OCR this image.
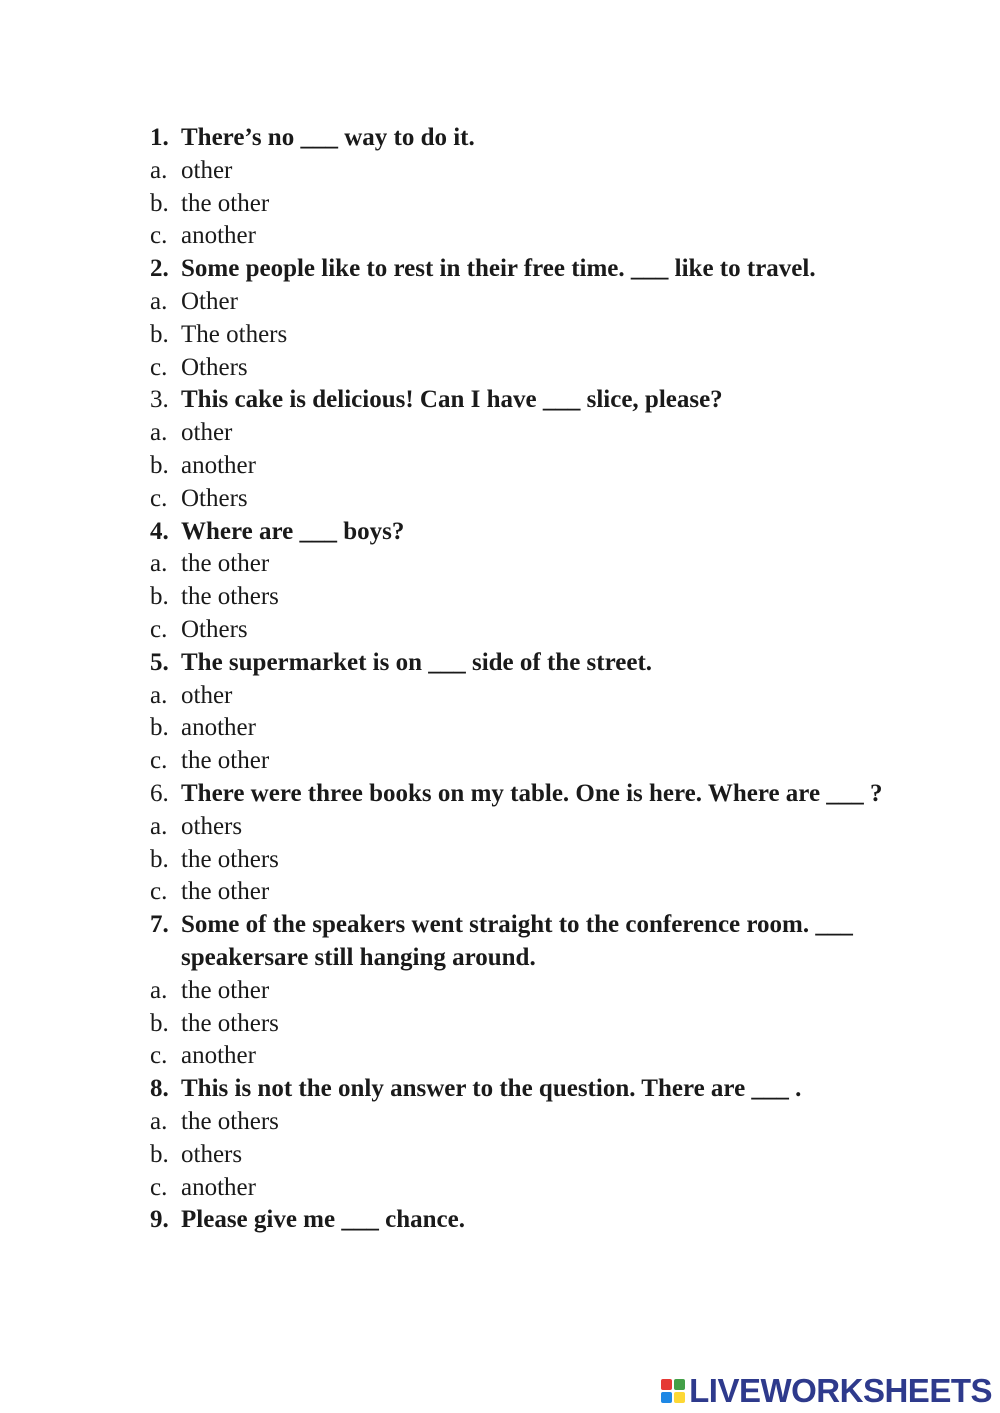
1. There’s no ___ way to do it.
a. other
b. the other
c. another
2. Some people like to rest in their free time. ___ like to travel.
a. Other
b. The others
c. Others
3. This cake is delicious! Can I have ___ slice, please?
a. other
b. another
c. Others
4. Where are ___ boys?
a. the other
b. the others
c. Others
5. The supermarket is on ___ side of the street.
a. other
b. another
c. the other
6. There were three books on my table. One is here. Where are ___ ?
a. others
b. the others
c. the other
7. Some of the speakers went straight to the conference room. ___ speakersare still hanging around.
a. the other
b. the others
c. another
8. This is not the only answer to the question. There are ___ .
a. the others
b. others
c. another
9. Please give me ___ chance.
LIVEWORKSHEETS
